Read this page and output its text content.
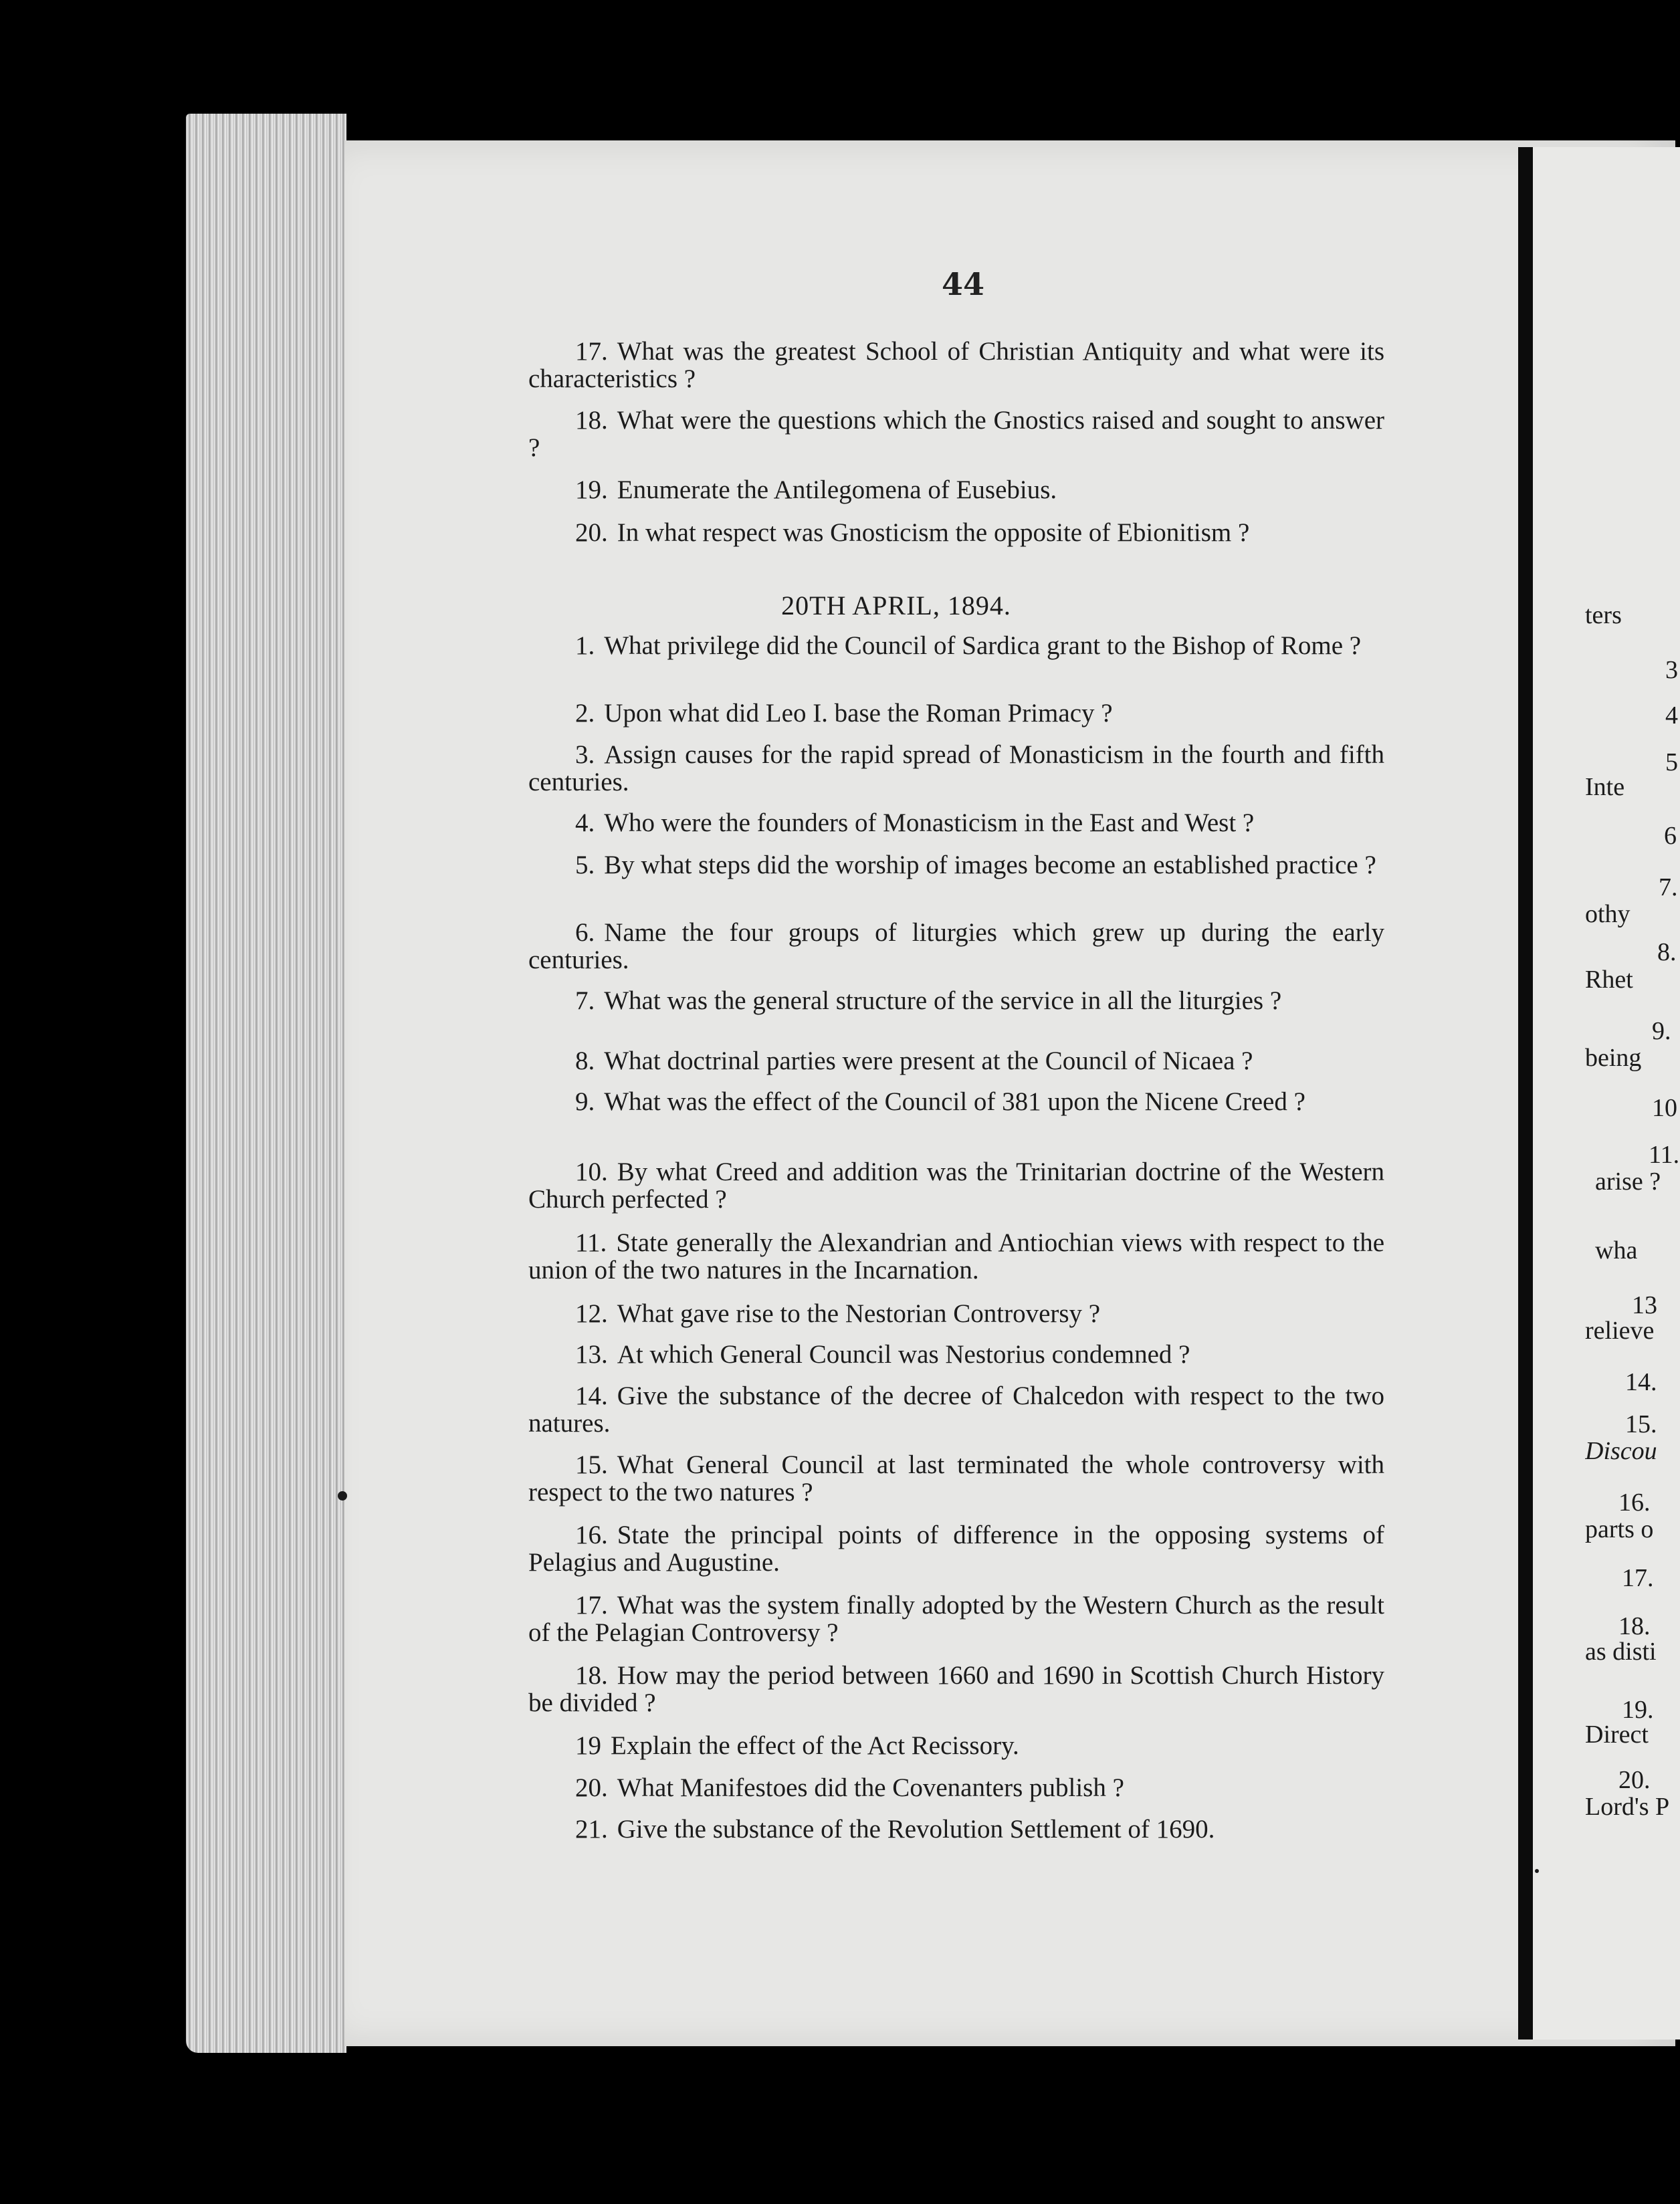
44
17. What was the greatest School of Christian Antiquity and what were its characteristics ?
18. What were the questions which the Gnostics raised and sought to answer ?
19. Enumerate the Antilegomena of Eusebius.
20. In what respect was Gnosticism the opposite of Ebionitism ?
20TH APRIL, 1894.
1. What privilege did the Council of Sardica grant to the Bishop of Rome ?
2. Upon what did Leo I. base the Roman Primacy ?
3. Assign causes for the rapid spread of Monasticism in the fourth and fifth centuries.
4. Who were the founders of Monasticism in the East and West ?
5. By what steps did the worship of images become an established practice ?
6. Name the four groups of liturgies which grew up during the early centuries.
7. What was the general structure of the service in all the liturgies ?
8. What doctrinal parties were present at the Council of Nicaea ?
9. What was the effect of the Council of 381 upon the Nicene Creed ?
10. By what Creed and addition was the Trinitarian doctrine of the Western Church perfected ?
11. State generally the Alexandrian and Antiochian views with respect to the union of the two natures in the Incarnation.
12. What gave rise to the Nestorian Controversy ?
13. At which General Council was Nestorius condemned ?
14. Give the substance of the decree of Chalcedon with respect to the two natures.
15. What General Council at last terminated the whole controversy with respect to the two natures ?
16. State the principal points of difference in the opposing systems of Pelagius and Augustine.
17. What was the system finally adopted by the Western Church as the result of the Pelagian Controversy ?
18. How may the period between 1660 and 1690 in Scottish Church History be divided ?
19 Explain the effect of the Act Recissory.
20. What Manifestoes did the Covenanters publish ?
21. Give the substance of the Revolution Settlement of 1690.
ters
3
4
5
Inte
6
7.
othy
8.
Rhet
9.
being
10
11.
arise ?
wha
13
relieve
14.
15.
Discou
16.
parts o
17.
18.
as disti
19.
Direct
20.
Lord's P
